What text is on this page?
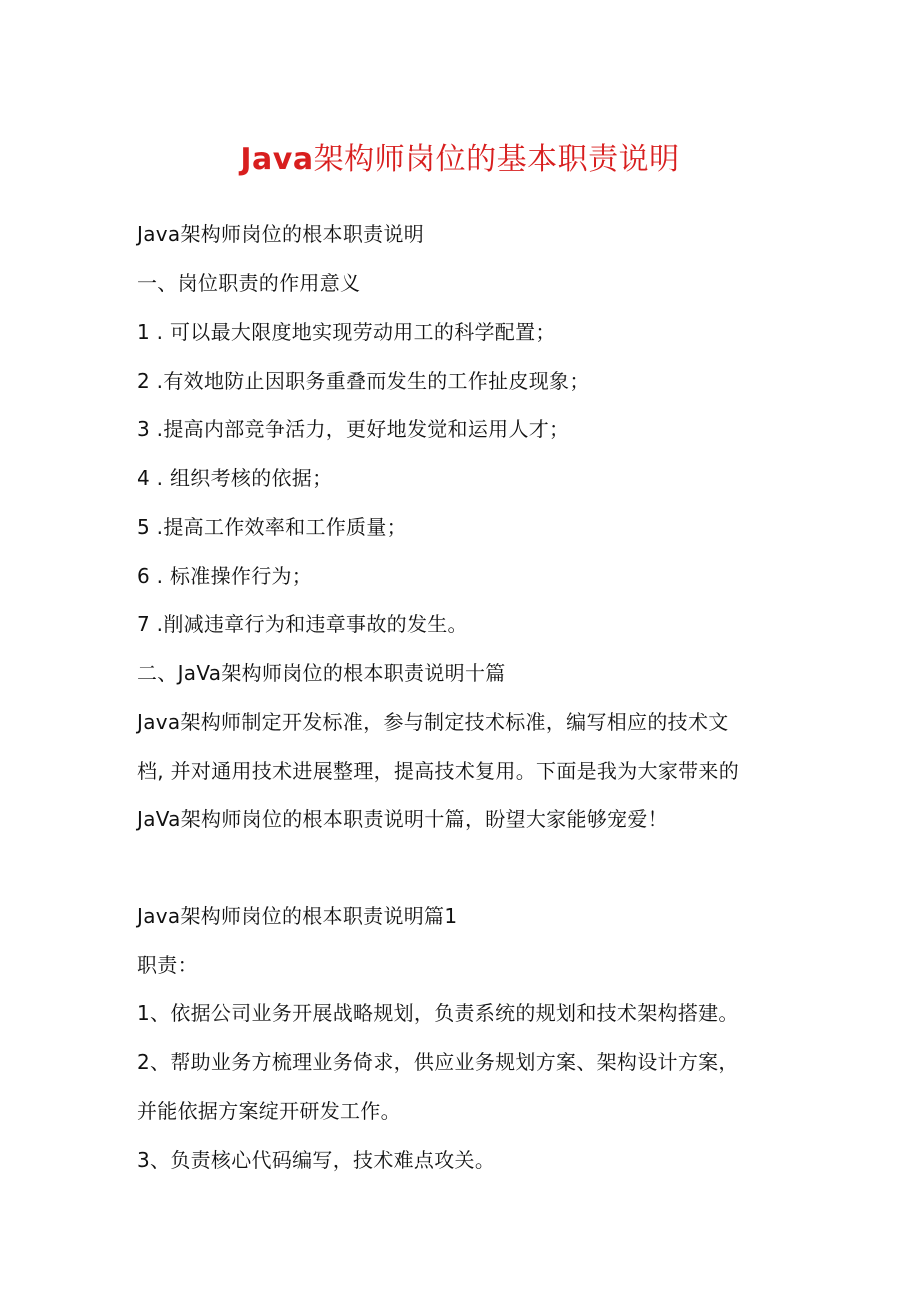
Java架构师岗位的基本职责说明
Java架构师岗位的根本职责说明
一、岗位职责的作用意义
1 . 可以最大限度地实现劳动用工的科学配置；
2 .有效地防止因职务重叠而发生的工作扯皮现象；
3 .提高内部竞争活力，更好地发觉和运用人才；
4 . 组织考核的依据；
5 .提高工作效率和工作质量；
6 . 标准操作行为；
7 .削减违章行为和违章事故的发生。
二、JaVa架构师岗位的根本职责说明十篇
Java架构师制定开发标准，参与制定技术标准，编写相应的技术文
档, 并对通用技术进展整理，提高技术复用。下面是我为大家带来的
JaVa架构师岗位的根本职责说明十篇，盼望大家能够宠爱！
Java架构师岗位的根本职责说明篇1
职责：
1、依据公司业务开展战略规划，负责系统的规划和技术架构搭建。
2、帮助业务方梳理业务倚求，供应业务规划方案、架构设计方案，
并能依据方案绽开研发工作。
3、负责核心代码编写，技术难点攻关。
